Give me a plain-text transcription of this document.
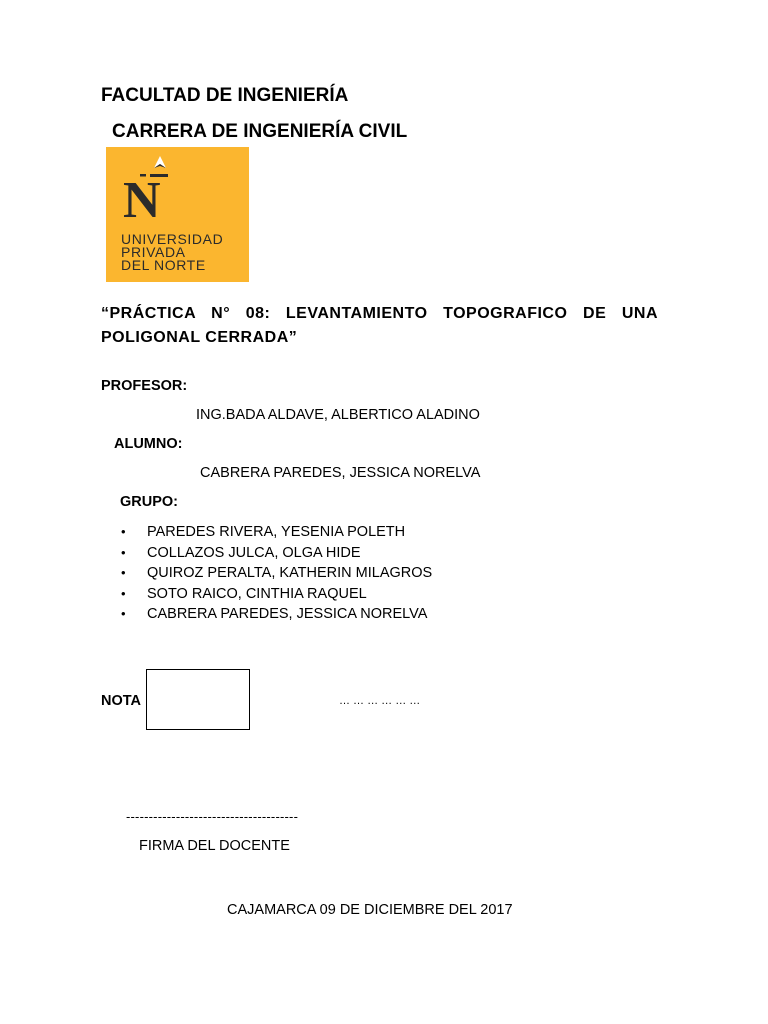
FACULTAD DE INGENIERÍA
CARRERA DE INGENIERÍA CIVIL
N
UNIVERSIDAD
PRIVADA
DEL NORTE
“PRÁCTICA N° 08: LEVANTAMIENTO TOPOGRAFICO DE UNA
POLIGONAL CERRADA”
PROFESOR:
ING.BADA ALDAVE, ALBERTICO ALADINO
ALUMNO:
CABRERA PAREDES, JESSICA NORELVA
GRUPO:
• PAREDES RIVERA, YESENIA POLETH
• COLLAZOS JULCA, OLGA HIDE
• QUIROZ PERALTA, KATHERIN MILAGROS
• SOTO RAICO, CINTHIA RAQUEL
• CABRERA PAREDES, JESSICA NORELVA
NOTA	… … … … … …
--------------------------------------
FIRMA DEL DOCENTE
CAJAMARCA 09 DE DICIEMBRE DEL 2017
